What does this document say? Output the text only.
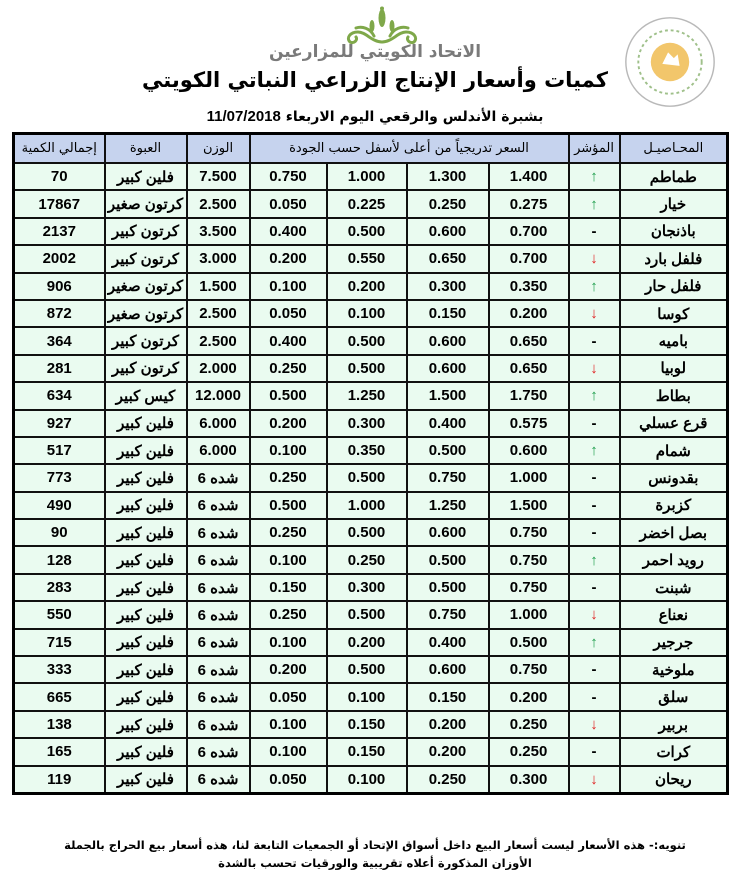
الاتحاد الكويتي للمزارعين
كميات وأسعار الإنتاج الزراعي النباتي الكويتي
بشبرة الأندلس والرقعي اليوم الاربعاء 11/07/2018
إجمالي الكمية	العبوة	الوزن	السعر تدريجياً من أعلى لأسفل حسب الجودة				المؤشر	المحـاصيـل
70	فلين كبير	7.500	0.750	1.000	1.300	1.400	↑	طماطم
17867	كرتون صغير	2.500	0.050	0.225	0.250	0.275	↑	خيار
2137	كرتون كبير	3.500	0.400	0.500	0.600	0.700	-	باذنجان
2002	كرتون كبير	3.000	0.200	0.550	0.650	0.700	↓	فلفل بارد
906	كرتون صغير	1.500	0.100	0.200	0.300	0.350	↑	فلفل حار
872	كرتون صغير	2.500	0.050	0.100	0.150	0.200	↓	كوسا
364	كرتون كبير	2.500	0.400	0.500	0.600	0.650	-	باميه
281	كرتون كبير	2.000	0.250	0.500	0.600	0.650	↓	لوبيا
634	كيس كبير	12.000	0.500	1.250	1.500	1.750	↑	بطاط
927	فلين كبير	6.000	0.200	0.300	0.400	0.575	-	قرع عسلي
517	فلين كبير	6.000	0.100	0.350	0.500	0.600	↑	شمام
773	فلين كبير	6 شده	0.250	0.500	0.750	1.000	-	بقدونس
490	فلين كبير	6 شده	0.500	1.000	1.250	1.500	-	كزبرة
90	فلين كبير	6 شده	0.250	0.500	0.600	0.750	-	بصل اخضر
128	فلين كبير	6 شده	0.100	0.250	0.500	0.750	↑	رويد احمر
283	فلين كبير	6 شده	0.150	0.300	0.500	0.750	-	شبنت
550	فلين كبير	6 شده	0.250	0.500	0.750	1.000	↓	نعناع
715	فلين كبير	6 شده	0.100	0.200	0.400	0.500	↑	جرجير
333	فلين كبير	6 شده	0.200	0.500	0.600	0.750	-	ملوخية
665	فلين كبير	6 شده	0.050	0.100	0.150	0.200	-	سلق
138	فلين كبير	6 شده	0.100	0.150	0.200	0.250	↓	بربير
165	فلين كبير	6 شده	0.100	0.150	0.200	0.250	-	كرات
119	فلين كبير	6 شده	0.050	0.100	0.250	0.300	↓	ريحان
تنويه:- هذه الأسعار ليست أسعار البيع داخل أسواق الإتحاد أو الجمعيات التابعة لنا، هذه أسعار بيع الحراج بالجملة
الأوزان المذكورة أعلاه تقريبية والورقيات تحسب بالشدة
